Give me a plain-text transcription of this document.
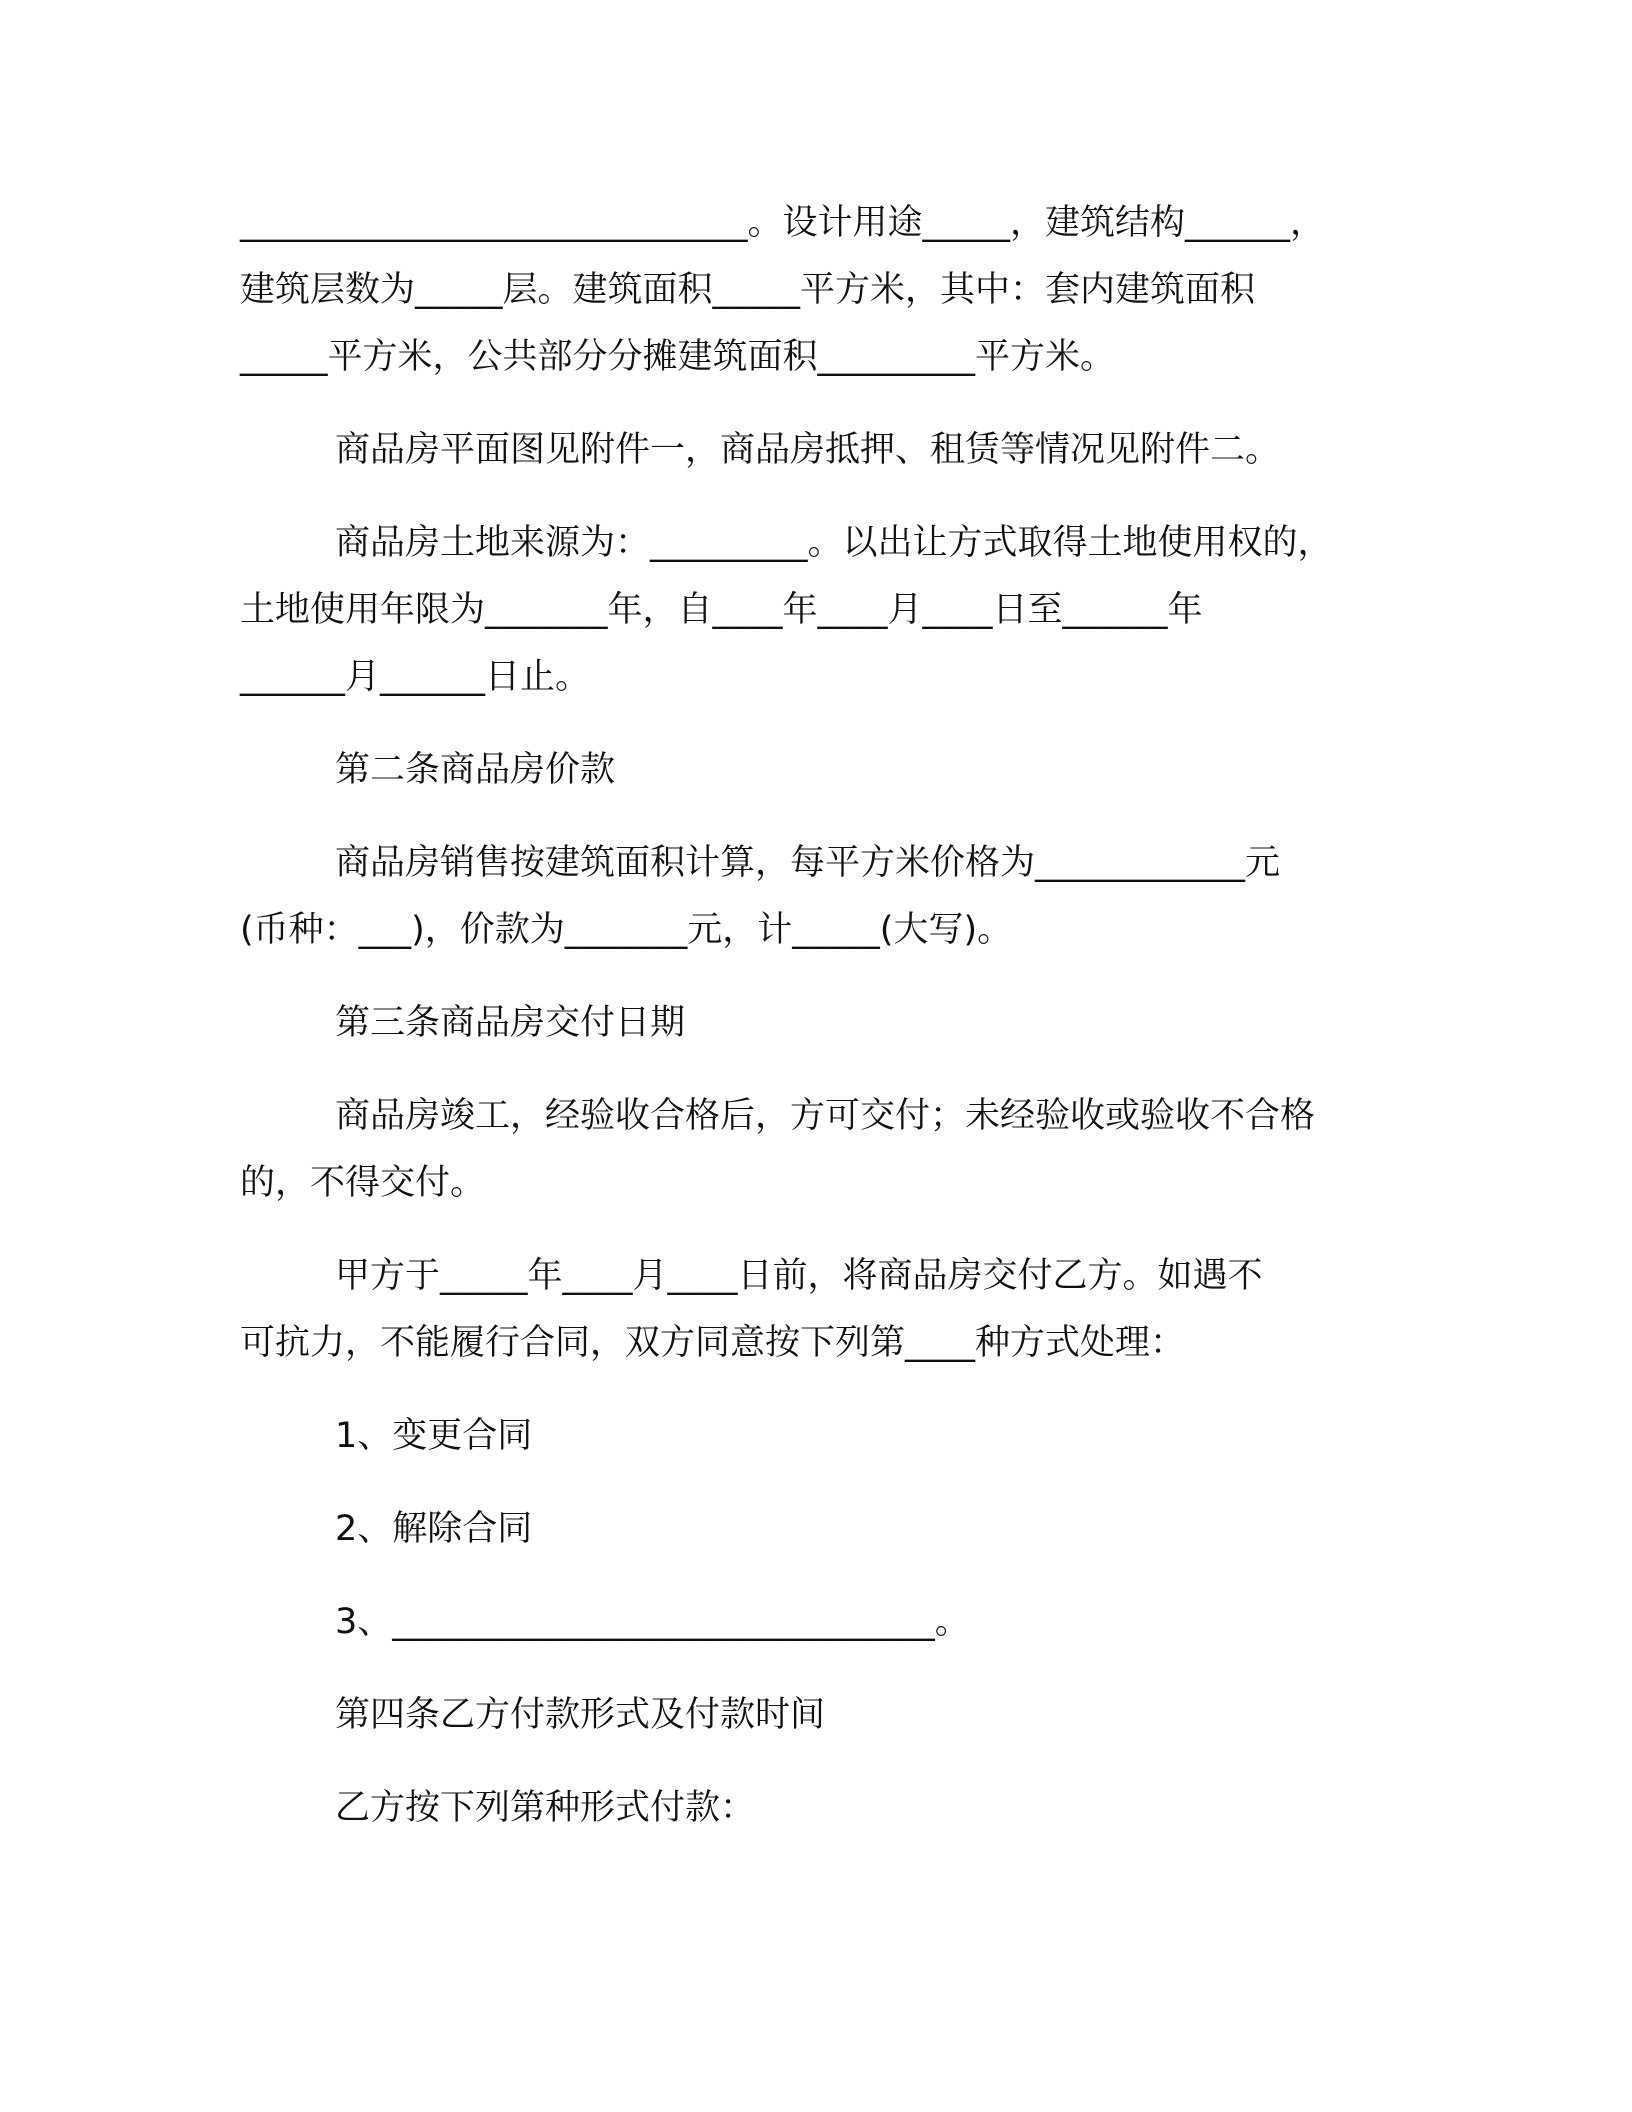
_____________________________。设计用途_____，建筑结构______，
建筑层数为_____层。建筑面积_____平方米，其中：套内建筑面积
_____平方米，公共部分分摊建筑面积_________平方米。
商品房平面图见附件一，商品房抵押、租赁等情况见附件二。
商品房土地来源为：_________。以出让方式取得土地使用权的，
土地使用年限为_______年，自____年____月____日至______年
______月______日止。
第二条商品房价款
商品房销售按建筑面积计算，每平方米价格为____________元
(币种：___)，价款为_______元，计_____(大写)。
第三条商品房交付日期
商品房竣工，经验收合格后，方可交付；未经验收或验收不合格
的，不得交付。
甲方于_____年____月____日前，将商品房交付乙方。如遇不
可抗力，不能履行合同，双方同意按下列第____种方式处理：
1、变更合同
2、解除合同
3、_______________________________。
第四条乙方付款形式及付款时间
乙方按下列第种形式付款：
